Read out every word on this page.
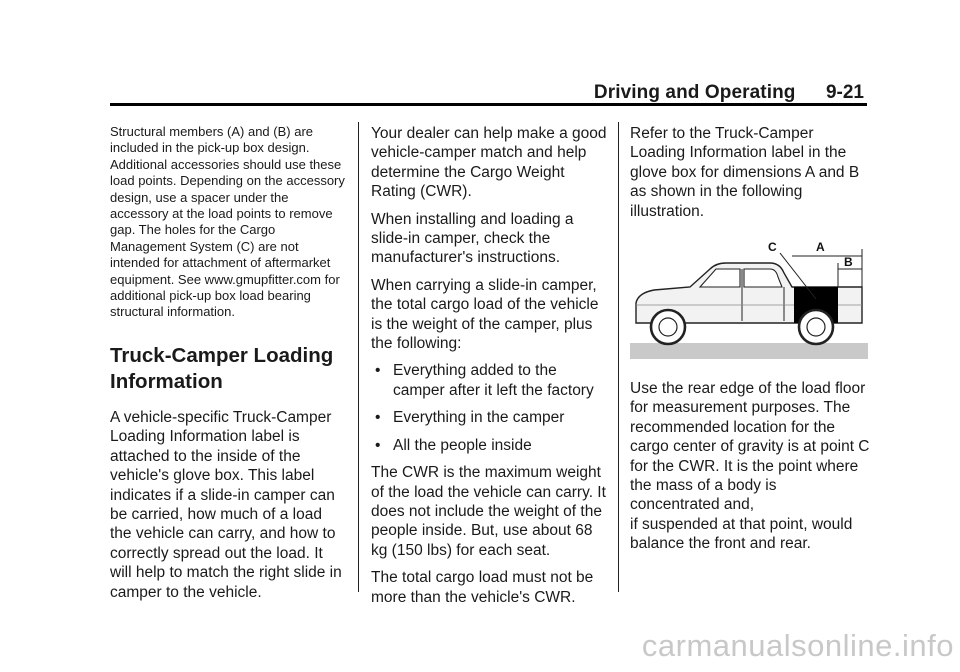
Driving and Operating 9-21

Structural members (A) and (B) are included in the pick-up box design. Additional accessories should use these load points. Depending on the accessory design, use a spacer under the accessory at the load points to remove gap. The holes for the Cargo Management System (C) are not intended for attachment of aftermarket equipment. See www.gmupfitter.com for additional pick-up box load bearing structural information.

Truck-Camper Loading Information

A vehicle-specific Truck-Camper Loading Information label is attached to the inside of the vehicle's glove box. This label indicates if a slide-in camper can be carried, how much of a load the vehicle can carry, and how to correctly spread out the load. It will help to match the right slide in camper to the vehicle.

Your dealer can help make a good vehicle-camper match and help determine the Cargo Weight Rating (CWR).

When installing and loading a slide-in camper, check the manufacturer's instructions.

When carrying a slide-in camper, the total cargo load of the vehicle is the weight of the camper, plus the following:

• Everything added to the camper after it left the factory
• Everything in the camper
• All the people inside

The CWR is the maximum weight of the load the vehicle can carry. It does not include the weight of the people inside. But, use about 68 kg (150 lbs) for each seat.

The total cargo load must not be more than the vehicle's CWR.

Refer to the Truck-Camper Loading Information label in the glove box for dimensions A and B as shown in the following illustration.

C	A
B

Use the rear edge of the load floor for measurement purposes. The recommended location for the cargo center of gravity is at point C for the CWR. It is the point where the mass of a body is concentrated and,

if suspended at that point, would balance the front and rear.

carmanualsonline.info
